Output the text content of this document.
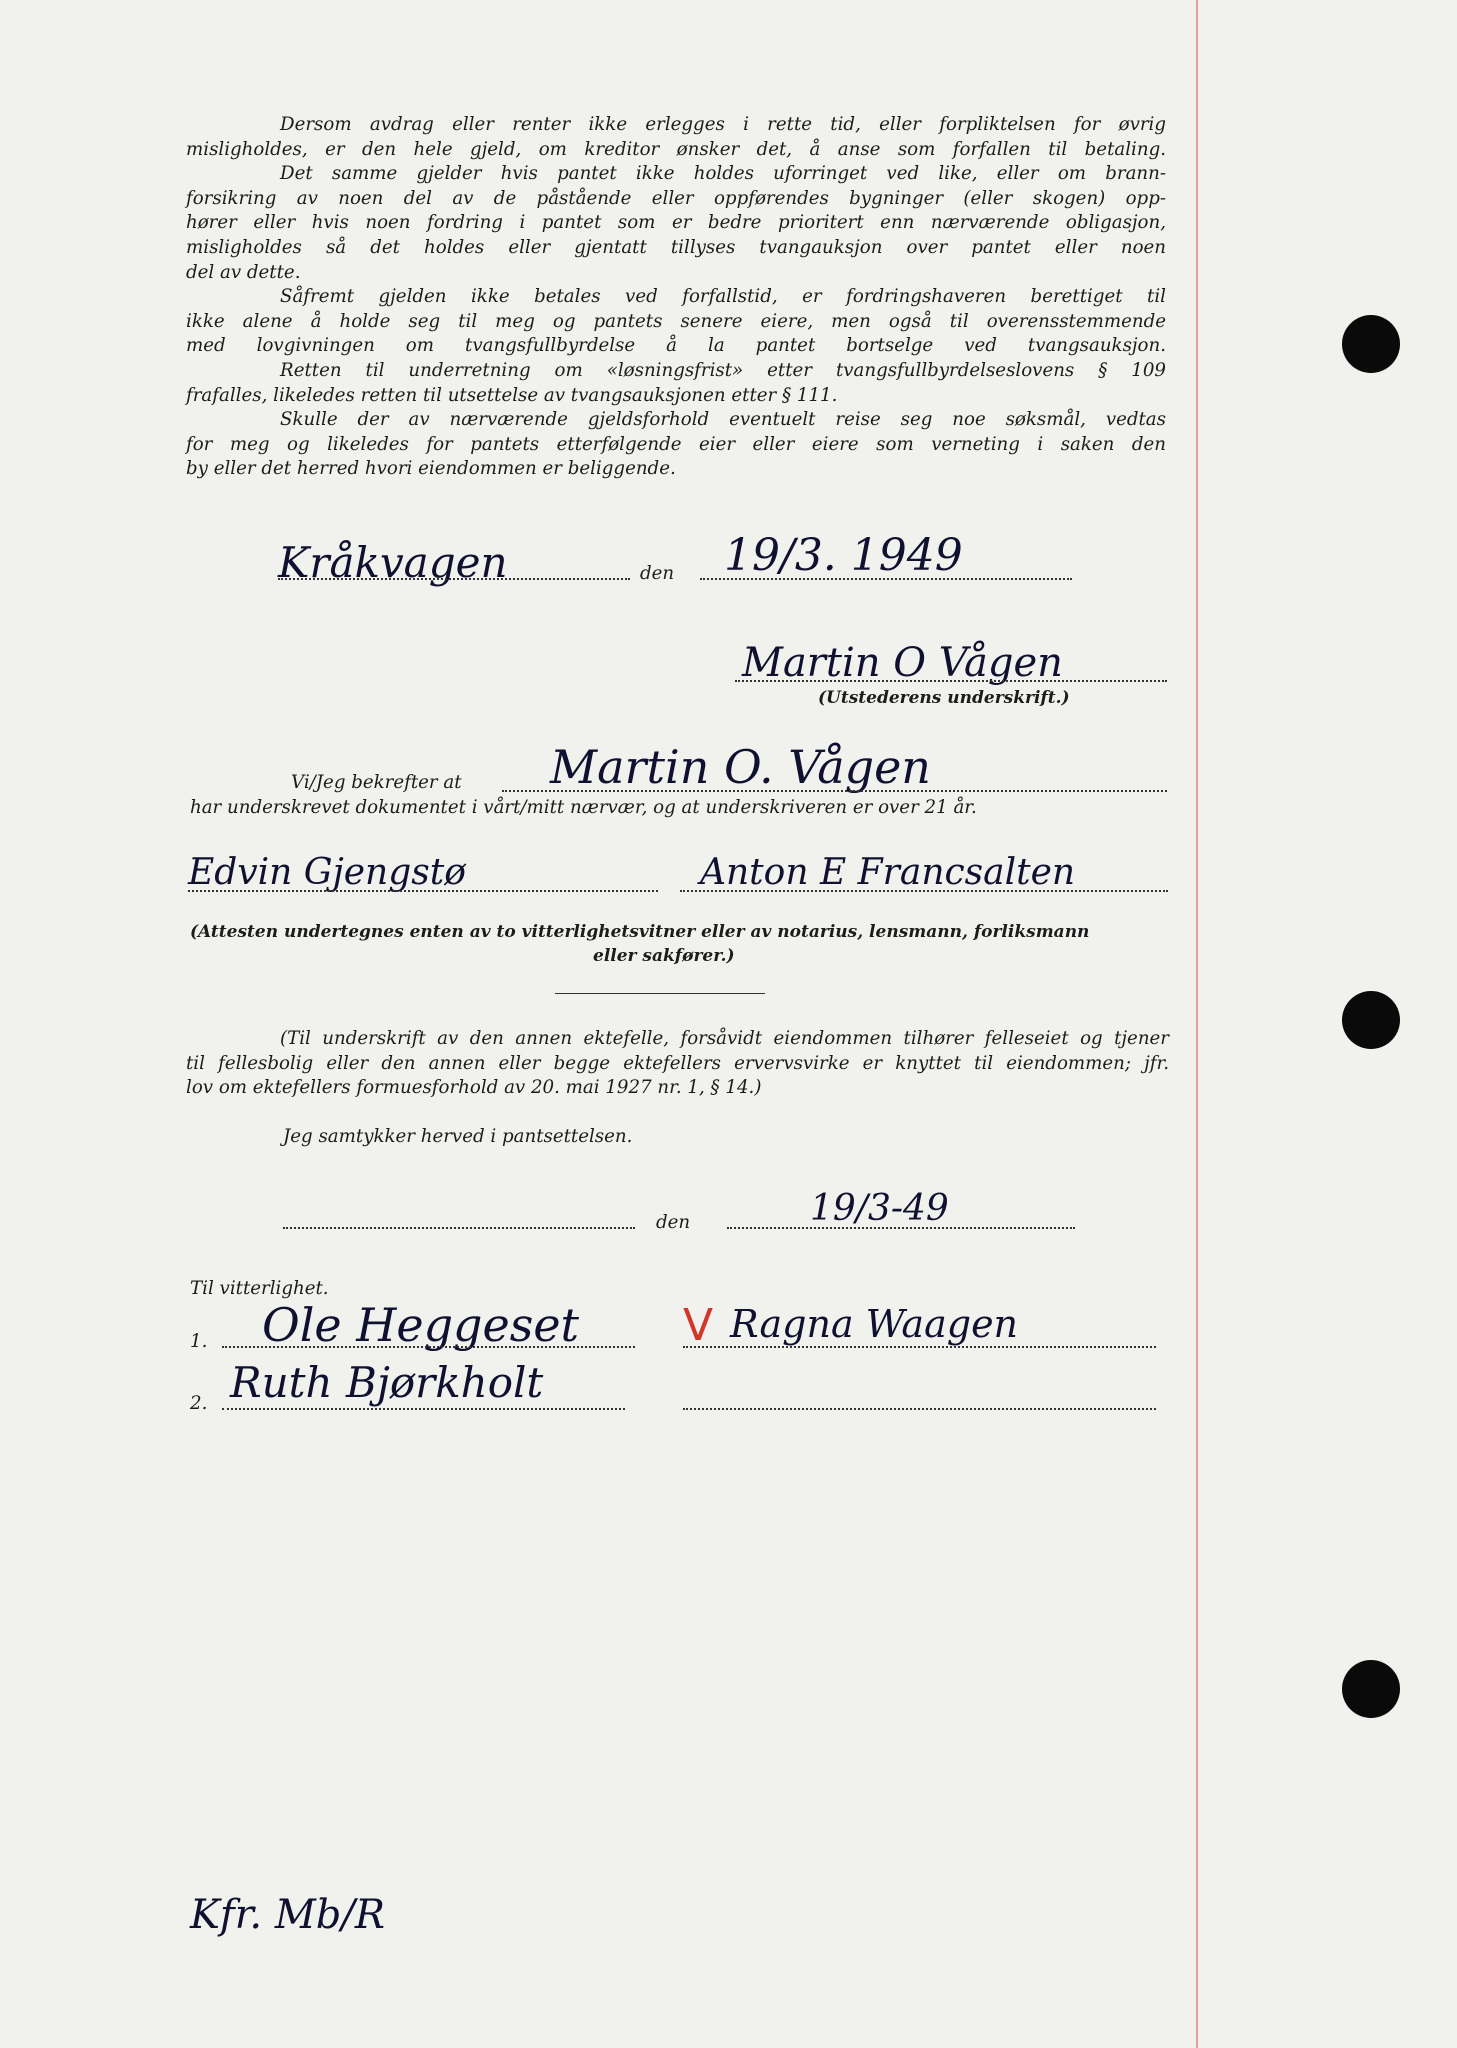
Dersom avdrag eller renter ikke erlegges i rette tid, eller forpliktelsen for øvrig
misligholdes, er den hele gjeld, om kreditor ønsker det, å anse som forfallen til betaling.
Det samme gjelder hvis pantet ikke holdes uforringet ved like, eller om brann-
forsikring av noen del av de påstående eller oppførendes bygninger (eller skogen) opp-
hører eller hvis noen fordring i pantet som er bedre prioritert enn nærværende obligasjon,
misligholdes så det holdes eller gjentatt tillyses tvangauksjon over pantet eller noen
del av dette.
Såfremt gjelden ikke betales ved forfallstid, er fordringshaveren berettiget til
ikke alene å holde seg til meg og pantets senere eiere, men også til overensstemmende
med lovgivningen om tvangsfullbyrdelse å la pantet bortselge ved tvangsauksjon.
Retten til underretning om «løsningsfrist» etter tvangsfullbyrdelseslovens § 109
frafalles, likeledes retten til utsettelse av tvangsauksjonen etter § 111.
Skulle der av nærværende gjeldsforhold eventuelt reise seg noe søksmål, vedtas
for meg og likeledes for pantets etterfølgende eier eller eiere som verneting i saken den
by eller det herred hvori eiendommen er beliggende.
Kråkvagen	den 19/3. 1949
Martin O Vågen
(Utstederens underskrift.)
Vi/Jeg bekrefter at Martin O. Vågen
har underskrevet dokumentet i vårt/mitt nærvær, og at underskriveren er over 21 år.
Edvin Gjengstø	Anton E Francsalten
(Attesten undertegnes enten av to vitterlighetsvitner eller av notarius, lensmann, forliksmann
eller sakfører.)
(Til underskrift av den annen ektefelle, forsåvidt eiendommen tilhører felleseiet og tjener
til fellesbolig eller den annen eller begge ektefellers ervervsvirke er knyttet til eiendommen; jfr.
lov om ektefellers formuesforhold av 20. mai 1927 nr. 1, § 14.)
Jeg samtykker herved i pantsettelsen.
den	19/3-49
Til vitterlighet.
1. Ole Heggeset V Ragna Waagen
2. Ruth Bjørkholt
Kfr. Mb/R
